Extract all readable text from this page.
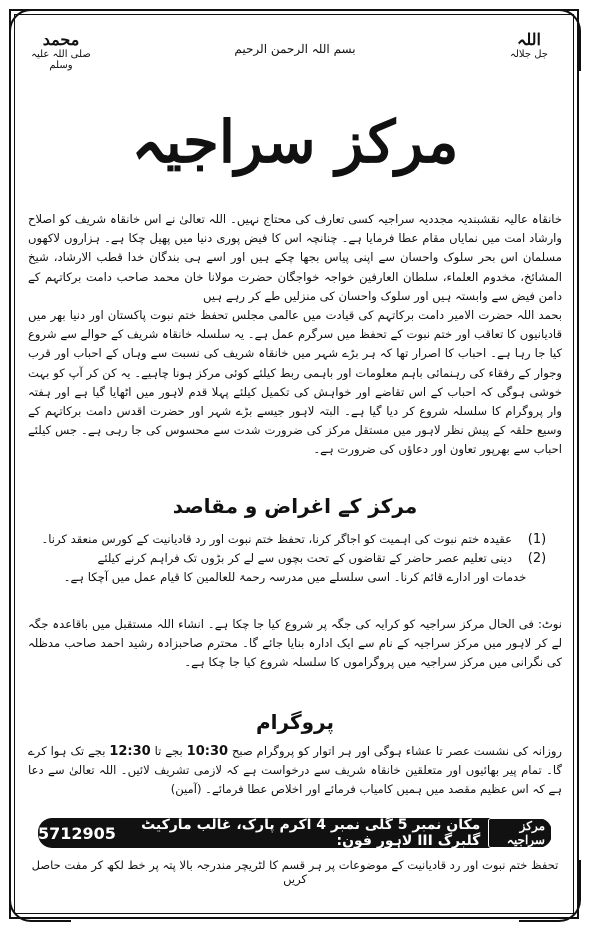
محمد
صلی اللہ علیہ وسلم
بسم اللہ الرحمن الرحیم	اللہ
جل جلالہ
مرکز سراجیہ
خانقاہ عالیہ نقشبندیہ مجددیہ سراجیہ کسی تعارف کی محتاج نہیں۔ اللہ تعالیٰ نے اس خانقاہ شریف کو اصلاح وارشاد امت میں نمایاں مقام عطا فرمایا ہے۔ چنانچہ اس کا فیض پوری دنیا میں پھیل چکا ہے۔ ہزاروں لاکھوں مسلمان اس بحر سلوک واحسان سے اپنی پیاس بجھا چکے ہیں اور اسے ہی بندگان خدا قطب الارشاد، شیخ المشائخ، مخدوم العلماء، سلطان العارفین خواجہ خواجگان حضرت مولانا خان محمد صاحب دامت برکاتہم کے دامن فیض سے وابستہ ہیں اور سلوک واحسان کی منزلیں طے کر رہے ہیں
بحمد اللہ حضرت الامیر دامت برکاتہم کی قیادت میں عالمی مجلس تحفظ ختم نبوت پاکستان اور دنیا بھر میں قادیانیوں کا تعاقب اور ختم نبوت کے تحفظ میں سرگرم عمل ہے۔ یہ سلسلہ خانقاہ شریف کے حوالے سے شروع کیا جا رہا ہے۔ احباب کا اصرار تھا کہ ہر بڑے شہر میں خانقاہ شریف کی نسبت سے وہاں کے احباب اور قرب وجوار کے رفقاء کی رہنمائی باہم معلومات اور باہمی ربط کیلئے کوئی مرکز ہونا چاہیے۔ یہ کن کر آپ کو بہت خوشی ہوگی کہ احباب کے اس تقاضے اور خواہش کی تکمیل کیلئے پہلا قدم لاہور میں اٹھایا گیا ہے اور ہفتہ وار پروگرام کا سلسلہ شروع کر دیا گیا ہے۔ البتہ لاہور جیسے بڑے شہر اور حضرت اقدس دامت برکاتہم کے وسیع حلقہ کے پیش نظر لاہور میں مستقل مرکز کی ضرورت شدت سے محسوس کی جا رہی ہے۔ جس کیلئے احباب سے بھرپور تعاون اور دعاؤں کی ضرورت ہے۔
مرکز کے اغراض و مقاصد
(1)
عقیدہ ختم نبوت کی اہمیت کو اجاگر کرنا، تحفظ ختم نبوت اور رد قادیانیت کے کورس منعقد کرنا۔
(2)
دینی تعلیم عصر حاضر کے تقاضوں کے تحت بچوں سے لے کر بڑوں تک فراہم کرنے کیلئے
خدمات اور ادارے قائم کرنا۔ اسی سلسلے میں مدرسہ رحمۃ للعالمین کا قیام عمل میں آچکا ہے۔
نوٹ: فی الحال مرکز سراجیہ کو کرایہ کی جگہ پر شروع کیا جا چکا ہے۔ انشاء اللہ مستقبل میں باقاعدہ جگہ لے کر لاہور میں مرکز سراجیہ کے نام سے ایک ادارہ بنایا جائے گا۔ محترم صاحبزادہ رشید احمد صاحب مدظلہ کی نگرانی میں مرکز سراجیہ میں پروگراموں کا سلسلہ شروع کیا جا چکا ہے۔
پروگرام
روزانہ کی نشست عصر تا عشاء ہوگی اور ہر اتوار کو پروگرام صبح 10:30 بجے تا 12:30 بجے تک ہوا کرے گا۔ تمام پیر بھائیوں اور متعلقین خانقاہ شریف سے درخواست ہے کہ لازمی تشریف لائیں۔ اللہ تعالیٰ سے دعا ہے کہ اس عظیم مقصد میں ہمیں کامیاب فرمائے اور اخلاص عطا فرمائے۔ (آمین)
مرکز سراجیہ
مکان نمبر 5 گلی نمبر 4 اکرم پارک، غالب مارکیٹ گلبرگ III لاہور فون:
5712905
تحفظ ختم نبوت اور رد قادیانیت کے موضوعات پر ہر قسم کا لٹریچر مندرجہ بالا پتہ پر خط لکھ کر مفت حاصل کریں
